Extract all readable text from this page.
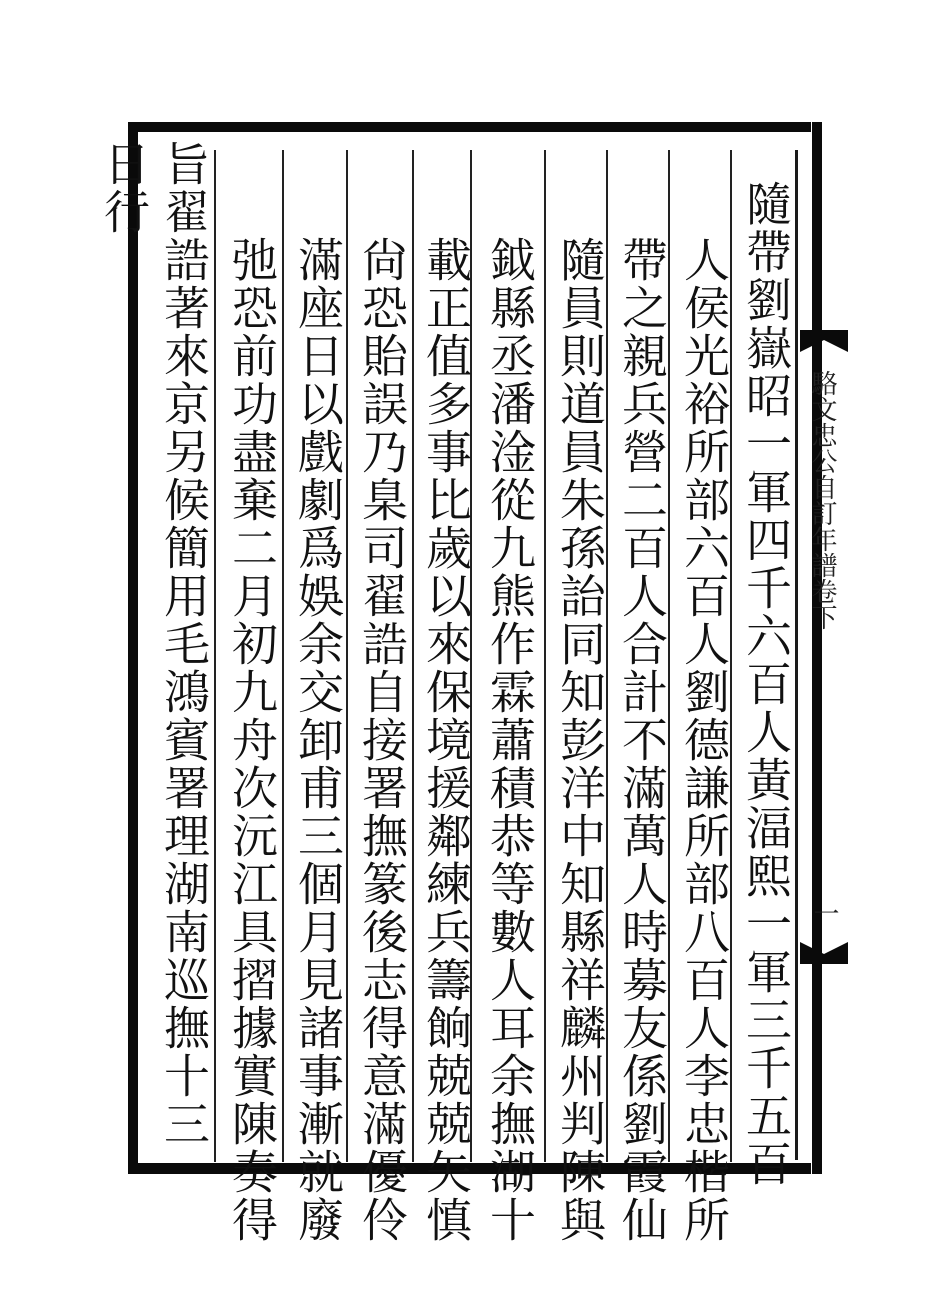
駱文忠公自訂年譜卷下
一
隨帶劉嶽昭一軍四千六百人黃湢熙一軍三千五百
人侯光裕所部六百人劉德謙所部八百人李忠楷所
帶之親兵營二百人合計不滿萬人時募友係劉霞仙
隨員則道員朱孫詒同知彭洋中知縣祥麟州判陳與
鉞縣丞潘淦從九熊作霖蕭積恭等數人耳余撫湖十
載正值多事比歲以來保境援鄰練兵籌餉兢兢矢慎
尙恐貽誤乃臬司翟誥自接署撫篆後志得意滿優伶
滿座日以戲劇爲娛余交卸甫三個月見諸事漸就廢
弛恐前功盡棄二月初九舟次沅江具摺據實陳奏得
旨翟誥著來京另候簡用毛鴻賓署理湖南巡撫十三日行
